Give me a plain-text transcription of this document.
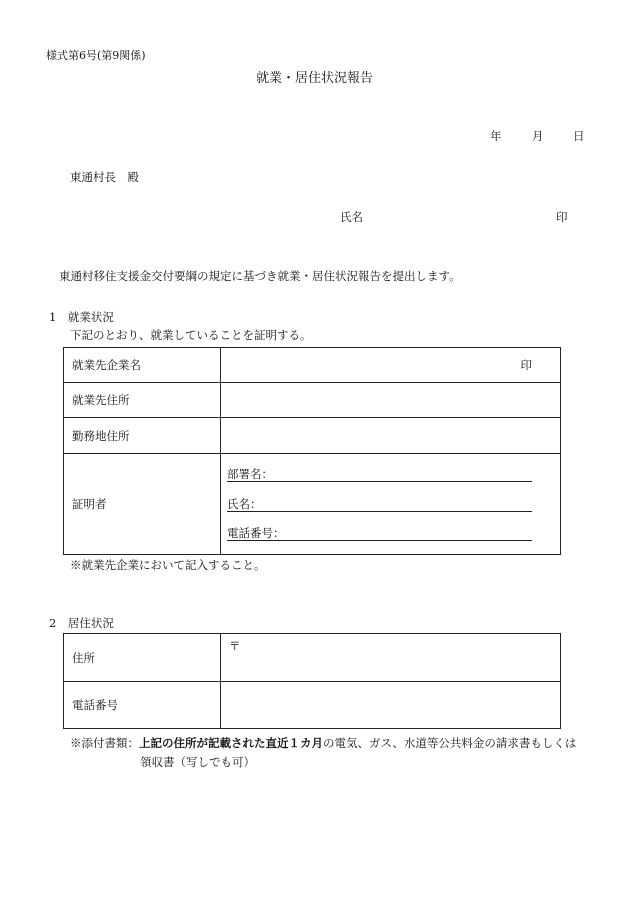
様式第6号(第9関係)
就業・居住状況報告
年	月	日
東通村長　殿
氏名	印
東通村移住支援金交付要綱の規定に基づき就業・居住状況報告を提出します。
1　就業状況
下記のとおり、就業していることを証明する。
就業先企業名	印

就業先住所	
勤務地住所	
証明者	部署名：
氏名：
電話番号：
※就業先企業において記入すること。
2　居住状況
住所	〒
電話番号	
※添付書類：上記の住所が記載された直近１カ月の電気、ガス、水道等公共料金の請求書もしくは
領収書（写しでも可）
